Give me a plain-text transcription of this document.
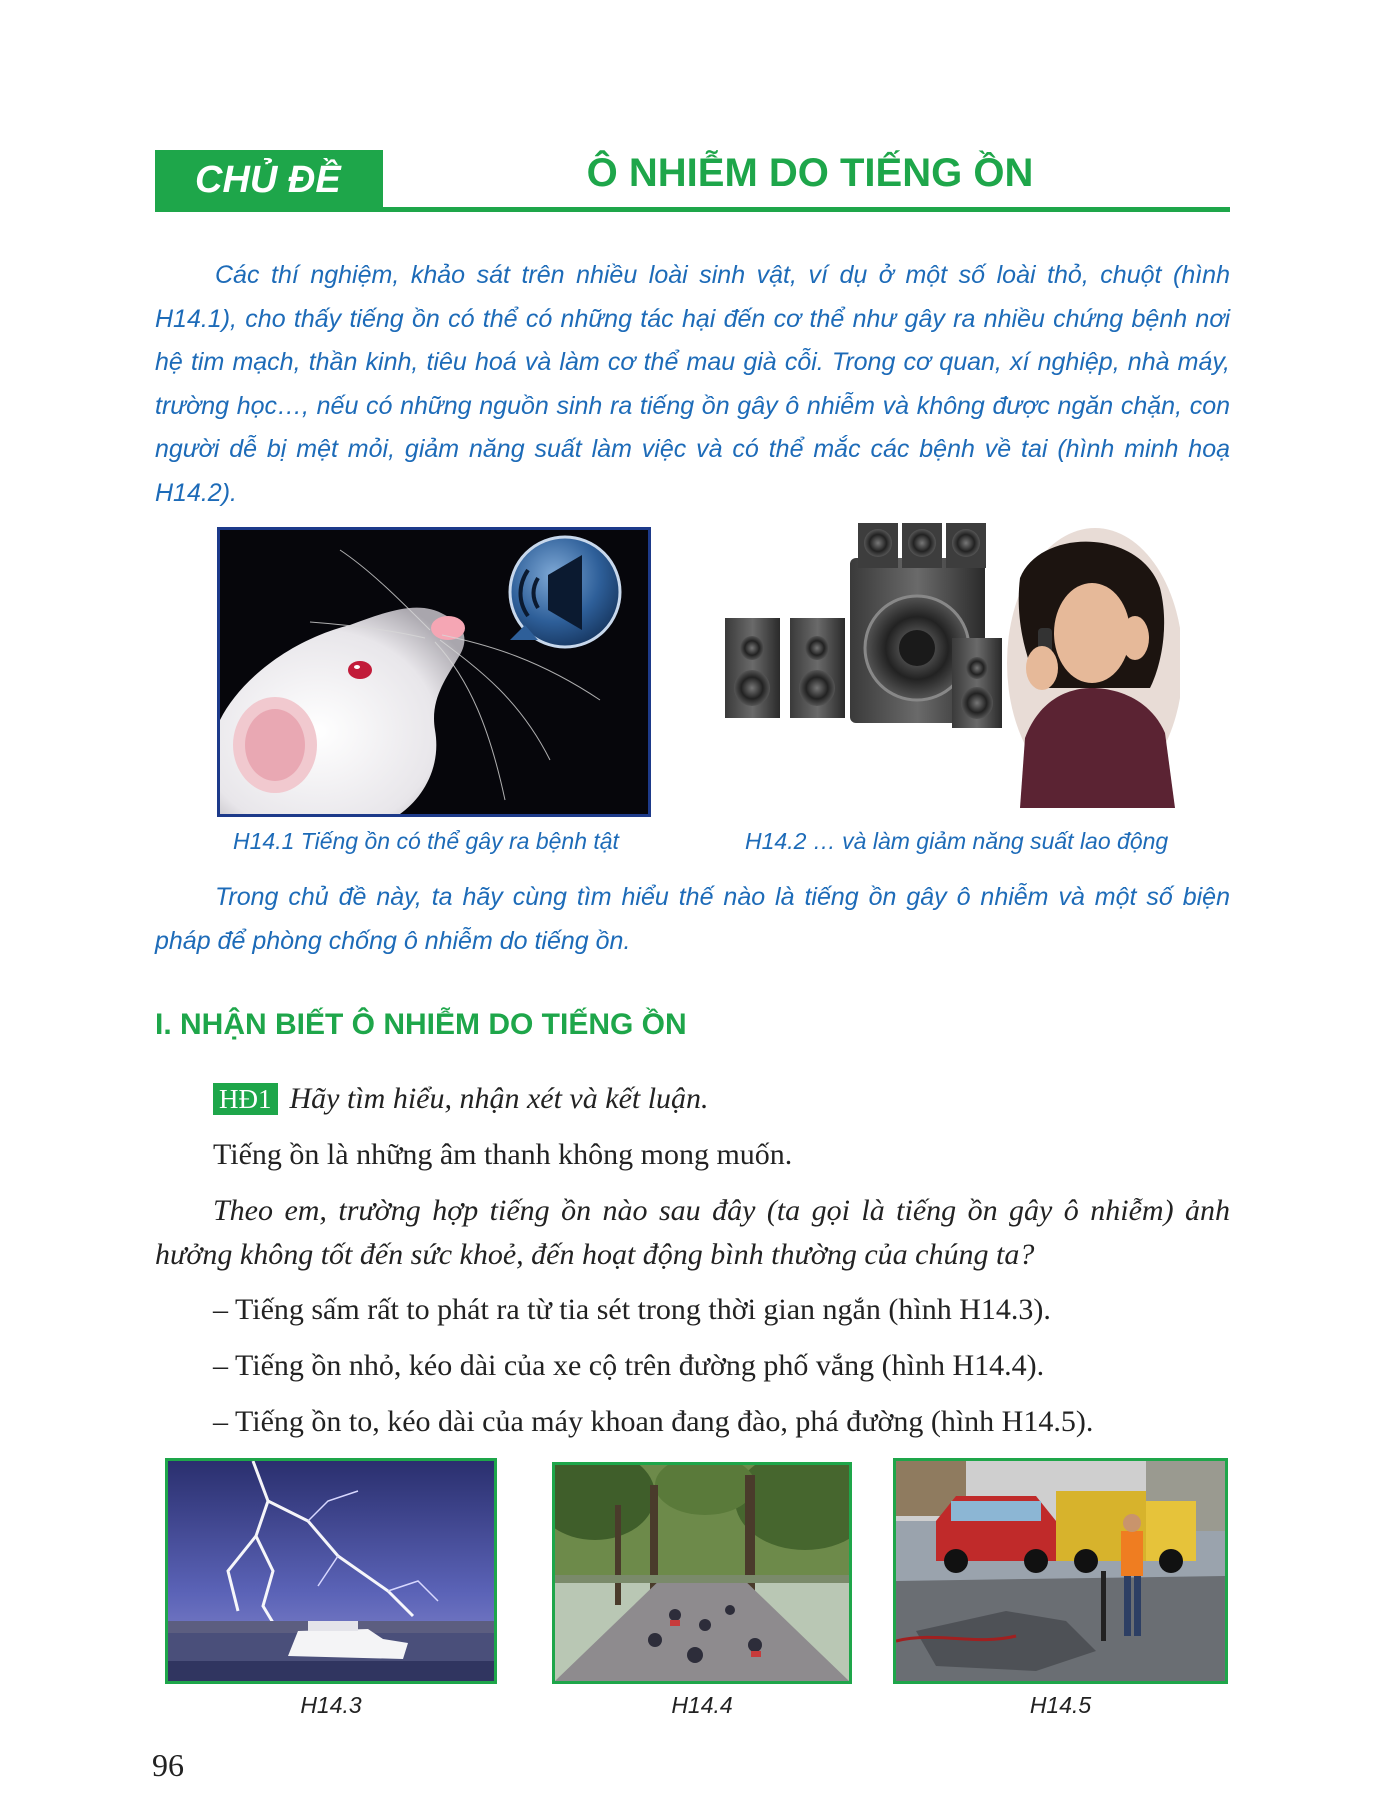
CHỦ ĐỀ 14
Ô NHIỄM DO TIẾNG ỒN

Các thí nghiệm, khảo sát trên nhiều loài sinh vật, ví dụ ở một số loài thỏ, chuột (hình H14.1), cho thấy tiếng ồn có thể có những tác hại đến cơ thể như gây ra nhiều chứng bệnh nơi hệ tim mạch, thần kinh, tiêu hoá và làm cơ thể mau già cỗi. Trong cơ quan, xí nghiệp, nhà máy, trường học…, nếu có những nguồn sinh ra tiếng ồn gây ô nhiễm và không được ngăn chặn, con người dễ bị mệt mỏi, giảm năng suất làm việc và có thể mắc các bệnh về tai (hình minh hoạ H14.2).

H14.1 Tiếng ồn có thể gây ra bệnh tật	H14.2 … và làm giảm năng suất lao động

Trong chủ đề này, ta hãy cùng tìm hiểu thế nào là tiếng ồn gây ô nhiễm và một số biện pháp để phòng chống ô nhiễm do tiếng ồn.

I. NHẬN BIẾT Ô NHIỄM DO TIẾNG ỒN
HĐ1 Hãy tìm hiểu, nhận xét và kết luận.

Tiếng ồn là những âm thanh không mong muốn.

Theo em, trường hợp tiếng ồn nào sau đây (ta gọi là tiếng ồn gây ô nhiễm) ảnh hưởng không tốt đến sức khoẻ, đến hoạt động bình thường của chúng ta?

– Tiếng sấm rất to phát ra từ tia sét trong thời gian ngắn (hình H14.3).

– Tiếng ồn nhỏ, kéo dài của xe cộ trên đường phố vắng (hình H14.4).

– Tiếng ồn to, kéo dài của máy khoan đang đào, phá đường (hình H14.5).

H14.3	H14.4	H14.5
96
